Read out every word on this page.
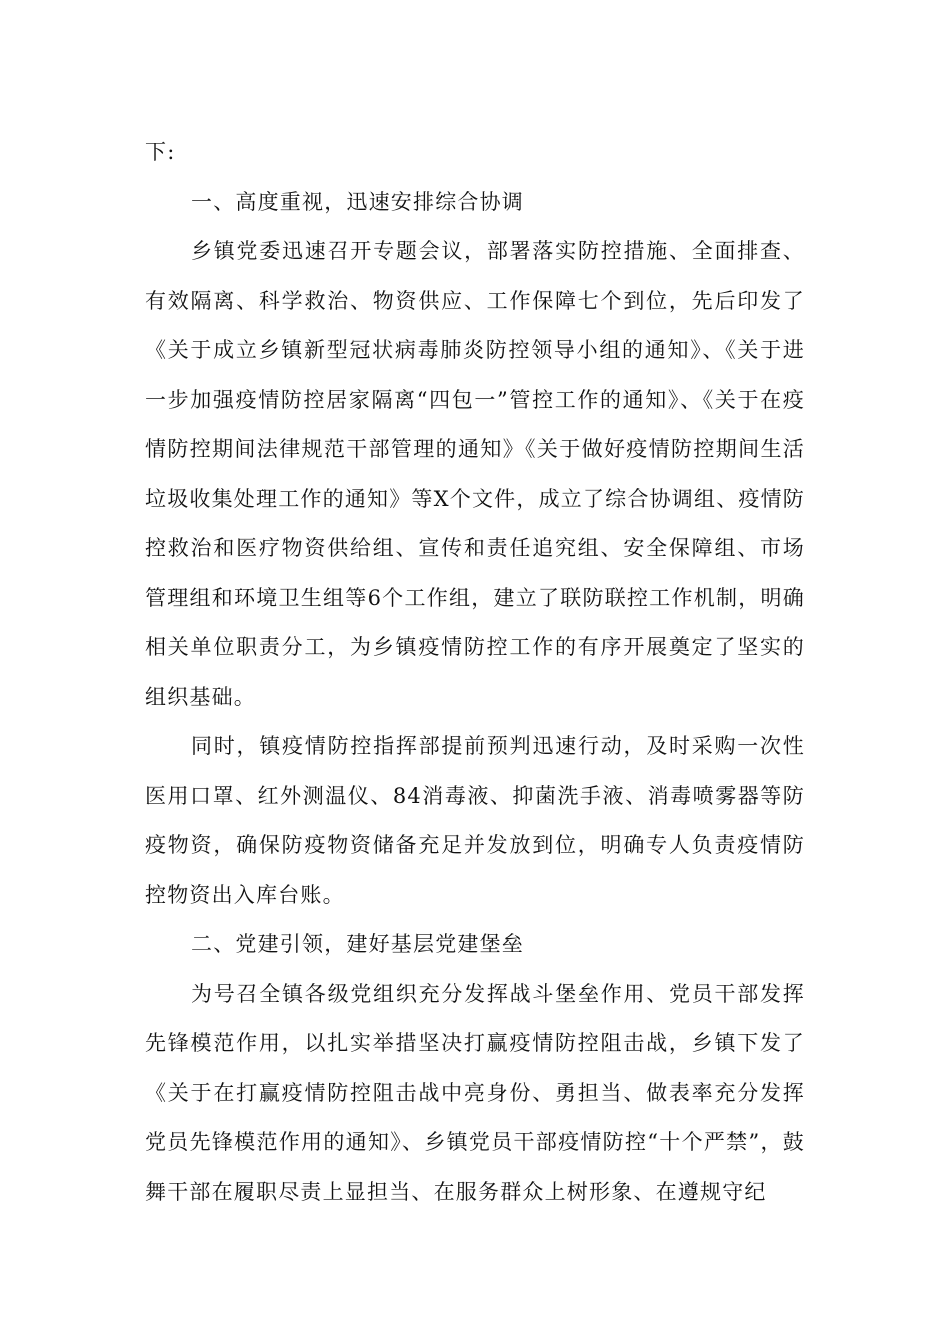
下:

一、高度重视，迅速安排综合协调

乡镇党委迅速召开专题会议，部署落实防控措施、全面排查、有效隔离、科学救治、物资供应、工作保障七个到位，先后印发了《关于成立乡镇新型冠状病毒肺炎防控领导小组的通知》、《关于进一步加强疫情防控居家隔离“四包一”管控工作的通知》、《关于在疫情防控期间法律规范干部管理的通知》《关于做好疫情防控期间生活垃圾收集处理工作的通知》等X个文件，成立了综合协调组、疫情防控救治和医疗物资供给组、宣传和责任追究组、安全保障组、市场管理组和环境卫生组等6个工作组，建立了联防联控工作机制，明确相关单位职责分工，为乡镇疫情防控工作的有序开展奠定了坚实的组织基础。

同时，镇疫情防控指挥部提前预判迅速行动，及时采购一次性医用口罩、红外测温仪、84消毒液、抑菌洗手液、消毒喷雾器等防疫物资，确保防疫物资储备充足并发放到位，明确专人负责疫情防控物资出入库台账。

二、党建引领，建好基层党建堡垒

为号召全镇各级党组织充分发挥战斗堡垒作用、党员干部发挥先锋模范作用，以扎实举措坚决打赢疫情防控阻击战，乡镇下发了《关于在打赢疫情防控阻击战中亮身份、勇担当、做表率充分发挥党员先锋模范作用的通知》、乡镇党员干部疫情防控“十个严禁”，鼓舞干部在履职尽责上显担当、在服务群众上树形象、在遵规守纪
